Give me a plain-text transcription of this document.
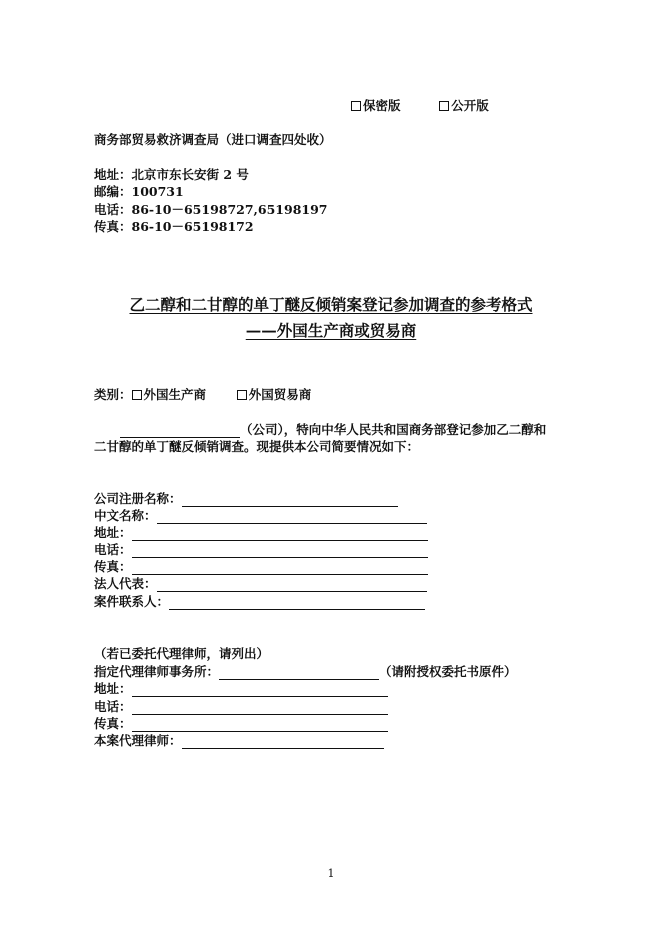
保密版	公开版
商务部贸易救济调查局（进口调查四处收）
地址：北京市东长安街 2 号
邮编：100731
电话：86-10－65198727,65198197
传真：86-10－65198172
乙二醇和二甘醇的单丁醚反倾销案登记参加调查的参考格式
——外国生产商或贸易商
类别： 外国生产商	外国贸易商
（公司），特向中华人民共和国商务部登记参加乙二醇和
二甘醇的单丁醚反倾销调查。现提供本公司简要情况如下：
公司注册名称：
中文名称：
地址：
电话：
传真：
法人代表：
案件联系人：
（若已委托代理律师，请列出）
指定代理律师事务所：	（请附授权委托书原件）
地址：
电话：
传真：
本案代理律师：
1
